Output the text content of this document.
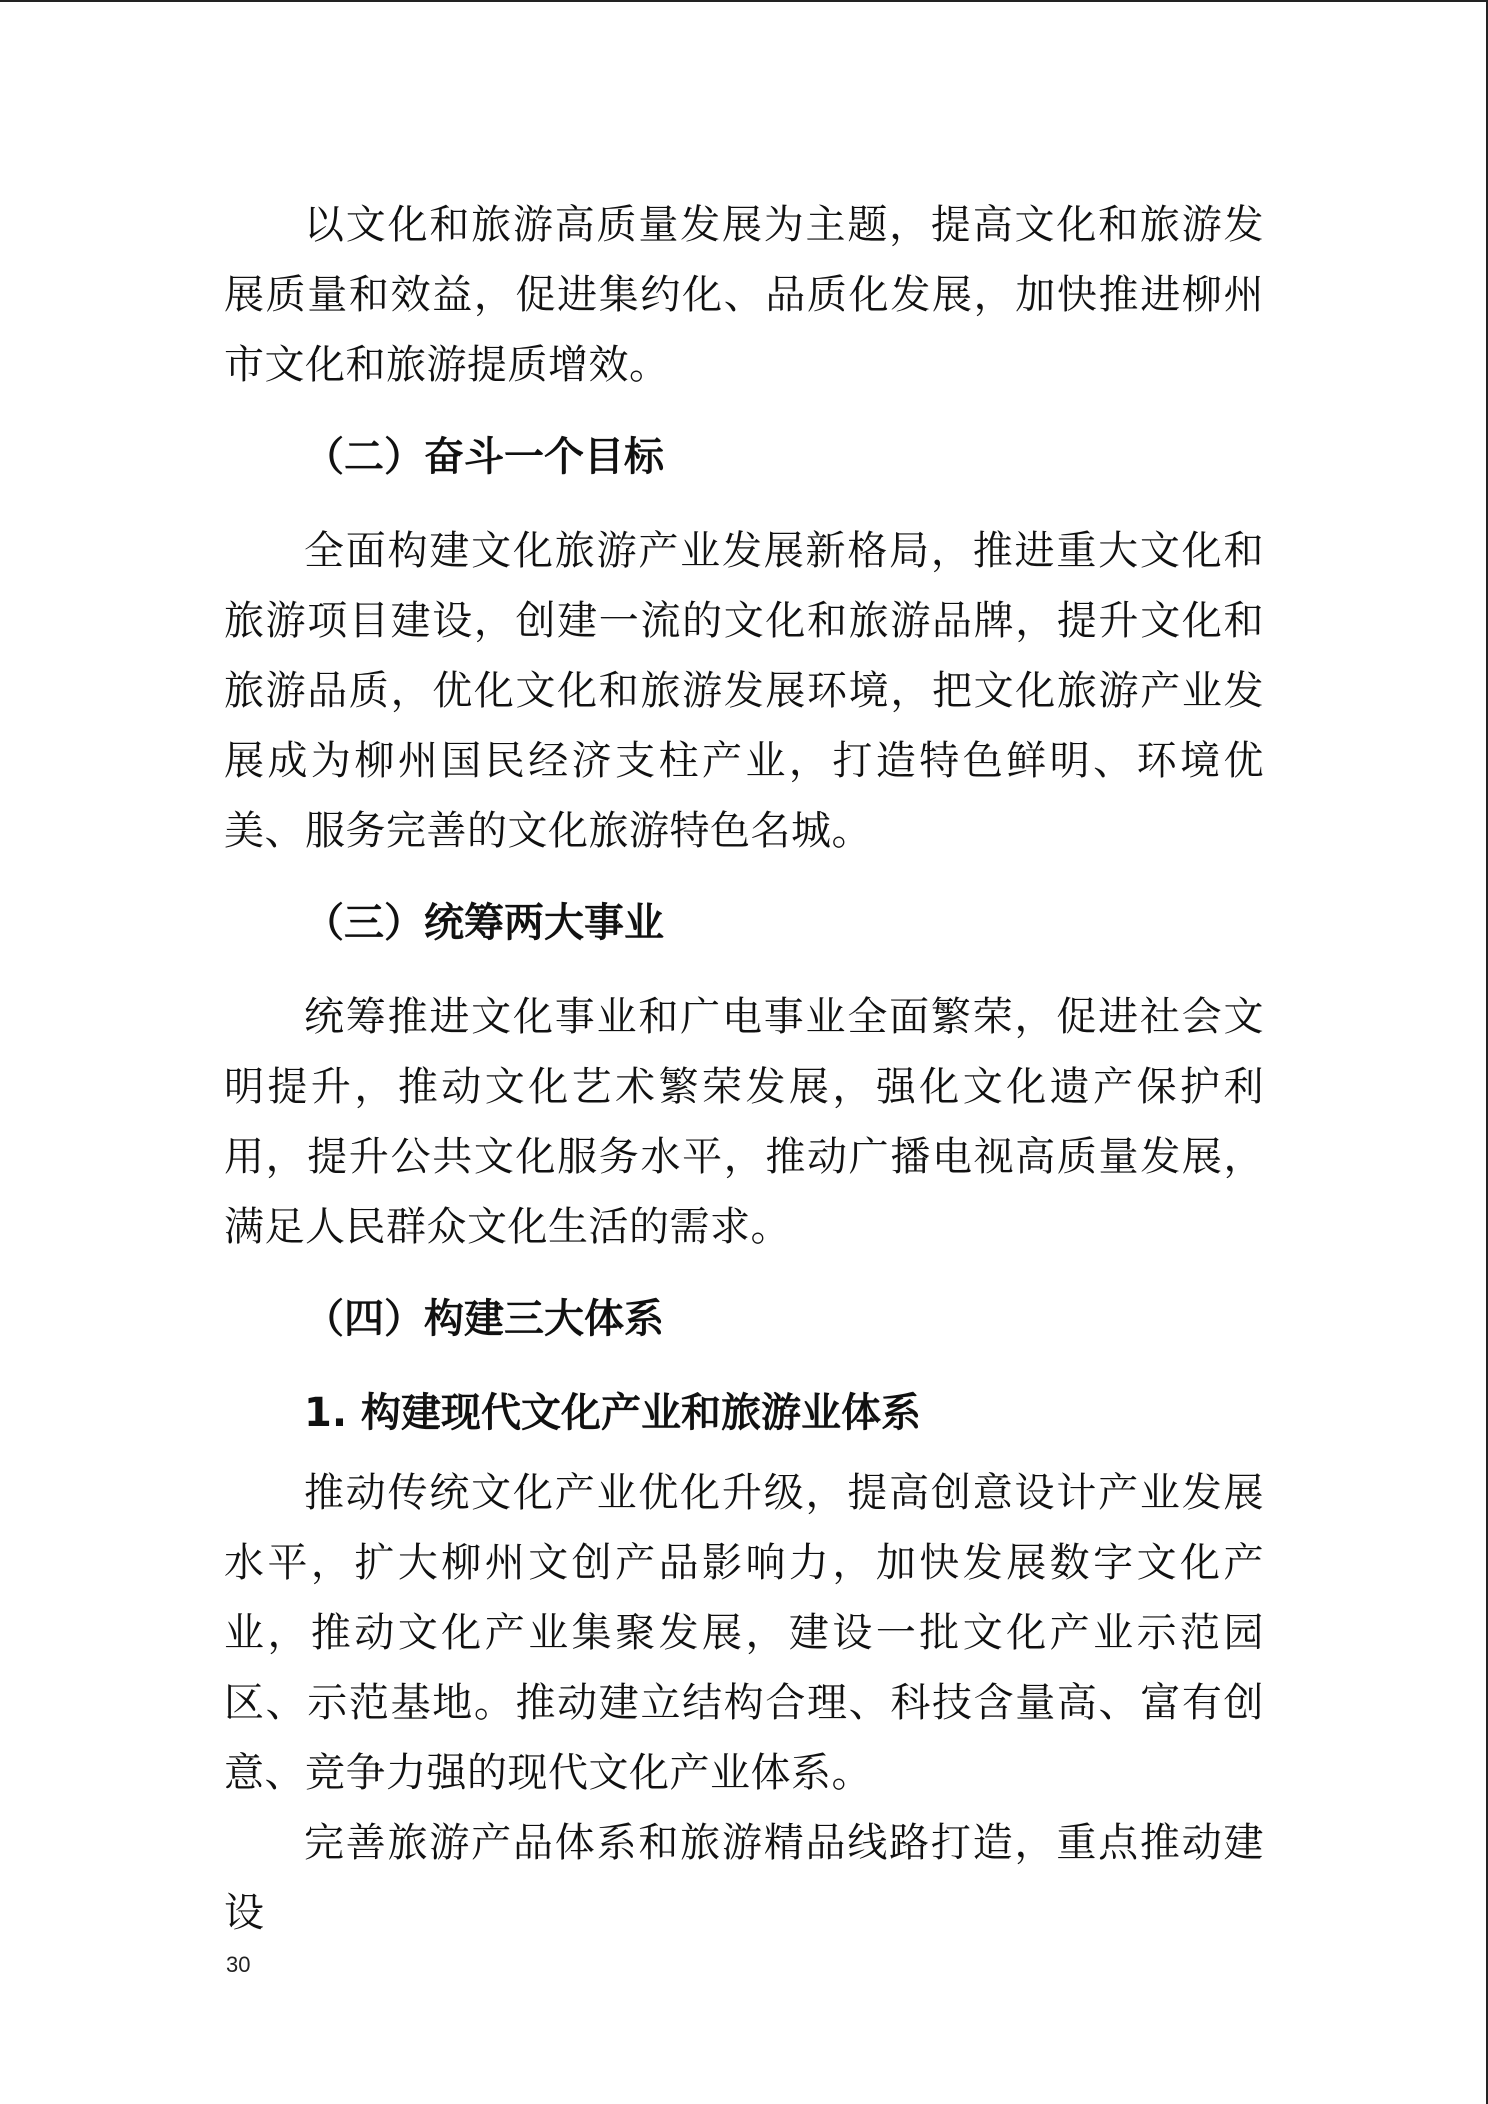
以文化和旅游高质量发展为主题，提高文化和旅游发展质量和效益，促进集约化、品质化发展，加快推进柳州市文化和旅游提质增效。

（二）奋斗一个目标

全面构建文化旅游产业发展新格局，推进重大文化和旅游项目建设，创建一流的文化和旅游品牌，提升文化和旅游品质，优化文化和旅游发展环境，把文化旅游产业发展成为柳州国民经济支柱产业，打造特色鲜明、环境优美、服务完善的文化旅游特色名城。

（三）统筹两大事业

统筹推进文化事业和广电事业全面繁荣，促进社会文明提升，推动文化艺术繁荣发展，强化文化遗产保护利用，提升公共文化服务水平，推动广播电视高质量发展，满足人民群众文化生活的需求。

（四）构建三大体系

1. 构建现代文化产业和旅游业体系

推动传统文化产业优化升级，提高创意设计产业发展水平，扩大柳州文创产品影响力，加快发展数字文化产业，推动文化产业集聚发展，建设一批文化产业示范园区、示范基地。推动建立结构合理、科技含量高、富有创意、竞争力强的现代文化产业体系。

完善旅游产品体系和旅游精品线路打造，重点推动建设

30
